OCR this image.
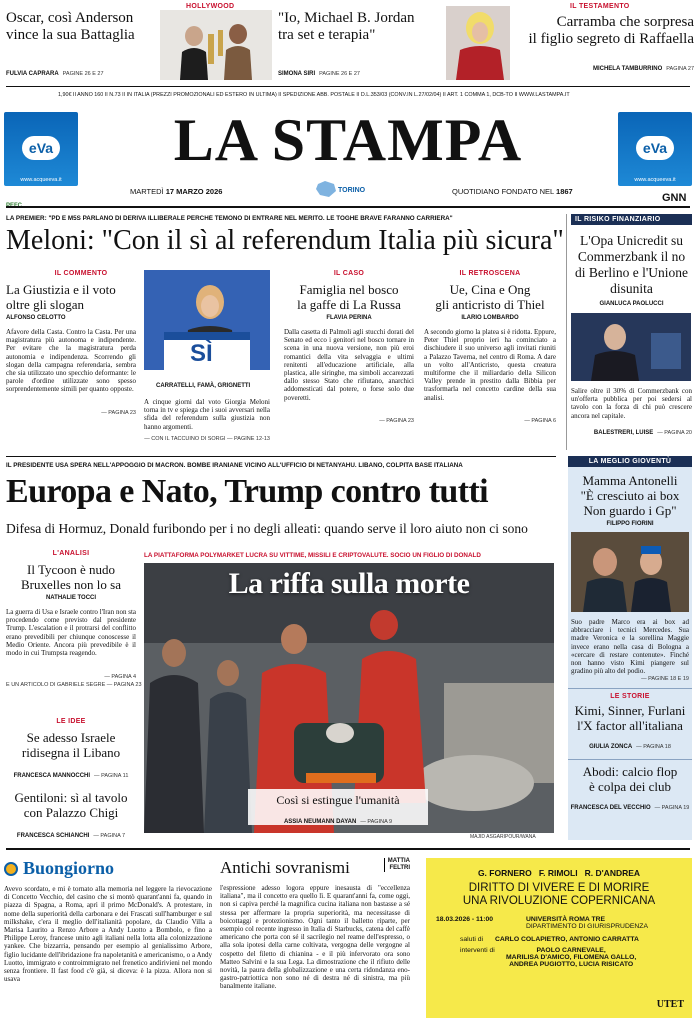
Oscar, così Anderson
vince la sua Battaglia
FULVIA CAPRARA PAGINE 26 E 27
HOLLYWOOD
"Io, Michael B. Jordan
tra set e terapia"
SIMONA SIRI PAGINE 26 E 27
IL TESTAMENTO
Carramba che sorpresa
il figlio segreto di Raffaella
MICHELA TAMBURRINO PAGINA 27
1,90€ II ANNO 160 II N.73 II IN ITALIA (PREZZI PROMOZIONALI ED ESTERO IN ULTIMA) II SPEDIZIONE ABB. POSTALE II D.L.353/03 (CONV.IN L.27/02/04) II ART. 1 COMMA 1, DCB-TO II WWW.LASTAMPA.IT
eVa
www.acqueeva.it
LA STAMPA
MARTEDÌ 17 MARZO 2026	TORINO	QUOTIDIANO FONDATO NEL 1867
eVa
www.acqueeva.it
GNN
LA PREMIER: "PD E M5S PARLANO DI DERIVA ILLIBERALE PERCHÉ TEMONO DI ENTRARE NEL MERITO. LE TOGHE BRAVE FARANNO CARRIERA"
Meloni: "Con il sì al referendum Italia più sicura"
IL COMMENTO
La Giustizia e il voto
oltre gli slogan
ALFONSO CELOTTO
Afavore della Casta. Contro la Casta. Per una magistratura più autonoma e indipendente. Per evitare che la magistratura perda autonomia e indipendenza. Scorrendo gli slogan della campagna referendaria, sembra che sia utilizzato uno specchio deformante: le parole d'ordine utilizzate sono spesso sorprendentemente simili per quanto opposte.
— PAGINA 23
SÌ
CARRATELLI, FAMÀ, GRIGNETTI
A cinque giorni dal voto Giorgia Meloni torna in tv e spiega che i suoi avversari nella sfida del referendum sulla giustizia non hanno argomenti.
— CON IL TACCUINO DI SORGI — PAGINE 12-13
IL CASO
Famiglia nel bosco
la gaffe di La Russa
FLAVIA PERINA
Dalla casetta di Palmoli agli stucchi dorati del Senato ed ecco i genitori nel bosco tornare in scena in una nuova versione, non più eroi romantici della vita selvaggia e ultimi renitenti all'educazione artificiale, alla plastica, alle siringhe, ma simboli accarezzati dallo stesso Stato che rifiutano, anarchici addomesticati dal potere, o forse solo due poveretti.
— PAGINA 23
IL RETROSCENA
Ue, Cina e Ong
gli anticristo di Thiel
ILARIO LOMBARDO
A secondo giorno la platea si è ridotta. Eppure, Peter Thiel proprio ieri ha cominciato a dischiudere il suo universo agli invitati riuniti a Palazzo Taverna, nel centro di Roma. A dare un volto all'Anticristo, questa creatura multiforme che il miliardario della Silicon Valley prende in prestito dalla Bibbia per trasformarla nel concetto cardine della sua analisi.
— PAGINA 6
IL RISIKO FINANZIARIO
L'Opa Unicredit su Commerzbank il no di Berlino e l'Unione disunita
GIANLUCA PAOLUCCI
Salire oltre il 30% di Commerzbank con un'offerta pubblica per poi sedersi al tavolo con la forza di chi può crescere ancora nel capitale.
BALESTRERI, LUISE — PAGINA 20
IL PRESIDENTE USA SPERA NELL'APPOGGIO DI MACRON. BOMBE IRANIANE VICINO ALL'UFFICIO DI NETANYAHU. LIBANO, COLPITA BASE ITALIANA
Europa e Nato, Trump contro tutti
Difesa di Hormuz, Donald furibondo per i no degli alleati: quando serve il loro aiuto non ci sono
L'ANALISI
Il Tycoon è nudo
Bruxelles non lo sa
NATHALIE TOCCI
La guerra di Usa e Israele contro l'Iran non sta procedendo come previsto dal presidente Trump. L'escalation e il protrarsi del conflitto erano prevedibili per chiunque conoscesse il Medio Oriente. Ancora più prevedibile è il modo in cui Trumpsta reagendo.
— PAGINA 4
E UN ARTICOLO DI GABRIELE SEGRE — PAGINA 23
LE IDEE
Se adesso Israele
ridisegna il Libano
FRANCESCA MANNOCCHI — PAGINA 11
Gentiloni: sì al tavolo
con Palazzo Chigi
FRANCESCA SCHIANCHI — PAGINA 7
LA PIATTAFORMA POLYMARKET LUCRA SU VITTIME, MISSILI E CRIPTOVALUTE. SOCIO UN FIGLIO DI DONALD
La riffa sulla morte
Così si estingue l'umanità
ASSIA NEUMANN DAYAN — PAGINA 9
MAJID ASGARIPOUR/WANA
LA MEGLIO GIOVENTÙ
Mamma Antonelli
"È cresciuto ai box
Non guardo i Gp"
FILIPPO FIORINI
Suo padre Marco era ai box ad abbracciare i tecnici Mercedes. Sua madre Veronica e la sorellina Maggie invece erano nella casa di Bologna a «cercare di restare contenute». Finché non hanno visto Kimi piangere sul gradino più alto del podio.
— PAGINE 18 E 19
LE STORIE
Kimi, Sinner, Furlani
l'X factor all'italiana
GIULIA ZONCA — PAGINA 18
Abodi: calcio flop
è colpa dei club
FRANCESCA DEL VECCHIO — PAGINA 19
Buongiorno
Avevo scordato, e mi è tornato alla memoria nel leggere la rievocazione di Concetto Vecchio, del casino che si montò quarant'anni fa, quando in piazza di Spagna, a Roma, aprì il primo McDonald's. A protestare, in nome della superiorità della carbonara e dei Frascati sull'hamburger e sul milkshake, c'era il meglio dell'italianità popolare, da Claudio Villa a Marisa Laurito a Renzo Arbore a Andy Luotto a Bombolo, e fino a Philippe Leroy, francese unito agli italiani nella lotta alla colonizzazione yankee. Che bizzarria, pensando per esempio al genialissimo Arbore, figlio lucidante dell'ibridazione fra napoletanità e americanismo, o a Andy Luotto, immigrato e controimmigrato nel frenetico andirivieni nel mondo senza frontiere. Il fast food c'è già, si diceva: è la pizza. Allora non si usava
Antichi sovranismi	MATTIA
FELTRI
l'espressione adesso logora eppure inesausta di "eccellenza italiana", ma il concetto era quello lì. E quarant'anni fa, come oggi, non si capiva perché la magnifica cucina italiana non bastasse a sé stessa per affermare la propria superiorità, ma necessitasse di boicottaggi e protezionismo. Ogni tanto il balletto riparte, per esempio col recente ingresso in Italia di Starbucks, catena del caffè americano che porta con sé il sacrilegio nel reame dell'espresso, o alla sola ipotesi della carne coltivata, vergogna delle vergogne al cospetto del filetto di chianina - e il più infervorato ora sono Matteo Salvini e la sua Lega. La dimostrazione che il rifiuto delle novità, la paura della globalizzazione e una certa ridondanza eno-gastro-patriottica non sono né di destra né di sinistra, ma più banalmente italiane.
G. FORNERO   F. RIMOLI   R. D'ANDREA
DIRITTO DI VIVERE E DI MORIRE
UNA RIVOLUZIONE COPERNICANA
18.03.2026 - 11:00	UNIVERSITÀ ROMA TRE
DIPARTIMENTO DI GIURISPRUDENZA
saluti di CARLO COLAPIETRO, ANTONIO CARRATTA
interventi di	PAOLO CARNEVALE,
MARILISA D'AMICO, FILOMENA GALLO,
ANDREA PUGIOTTO, LUCIA RISICATO
UTET
